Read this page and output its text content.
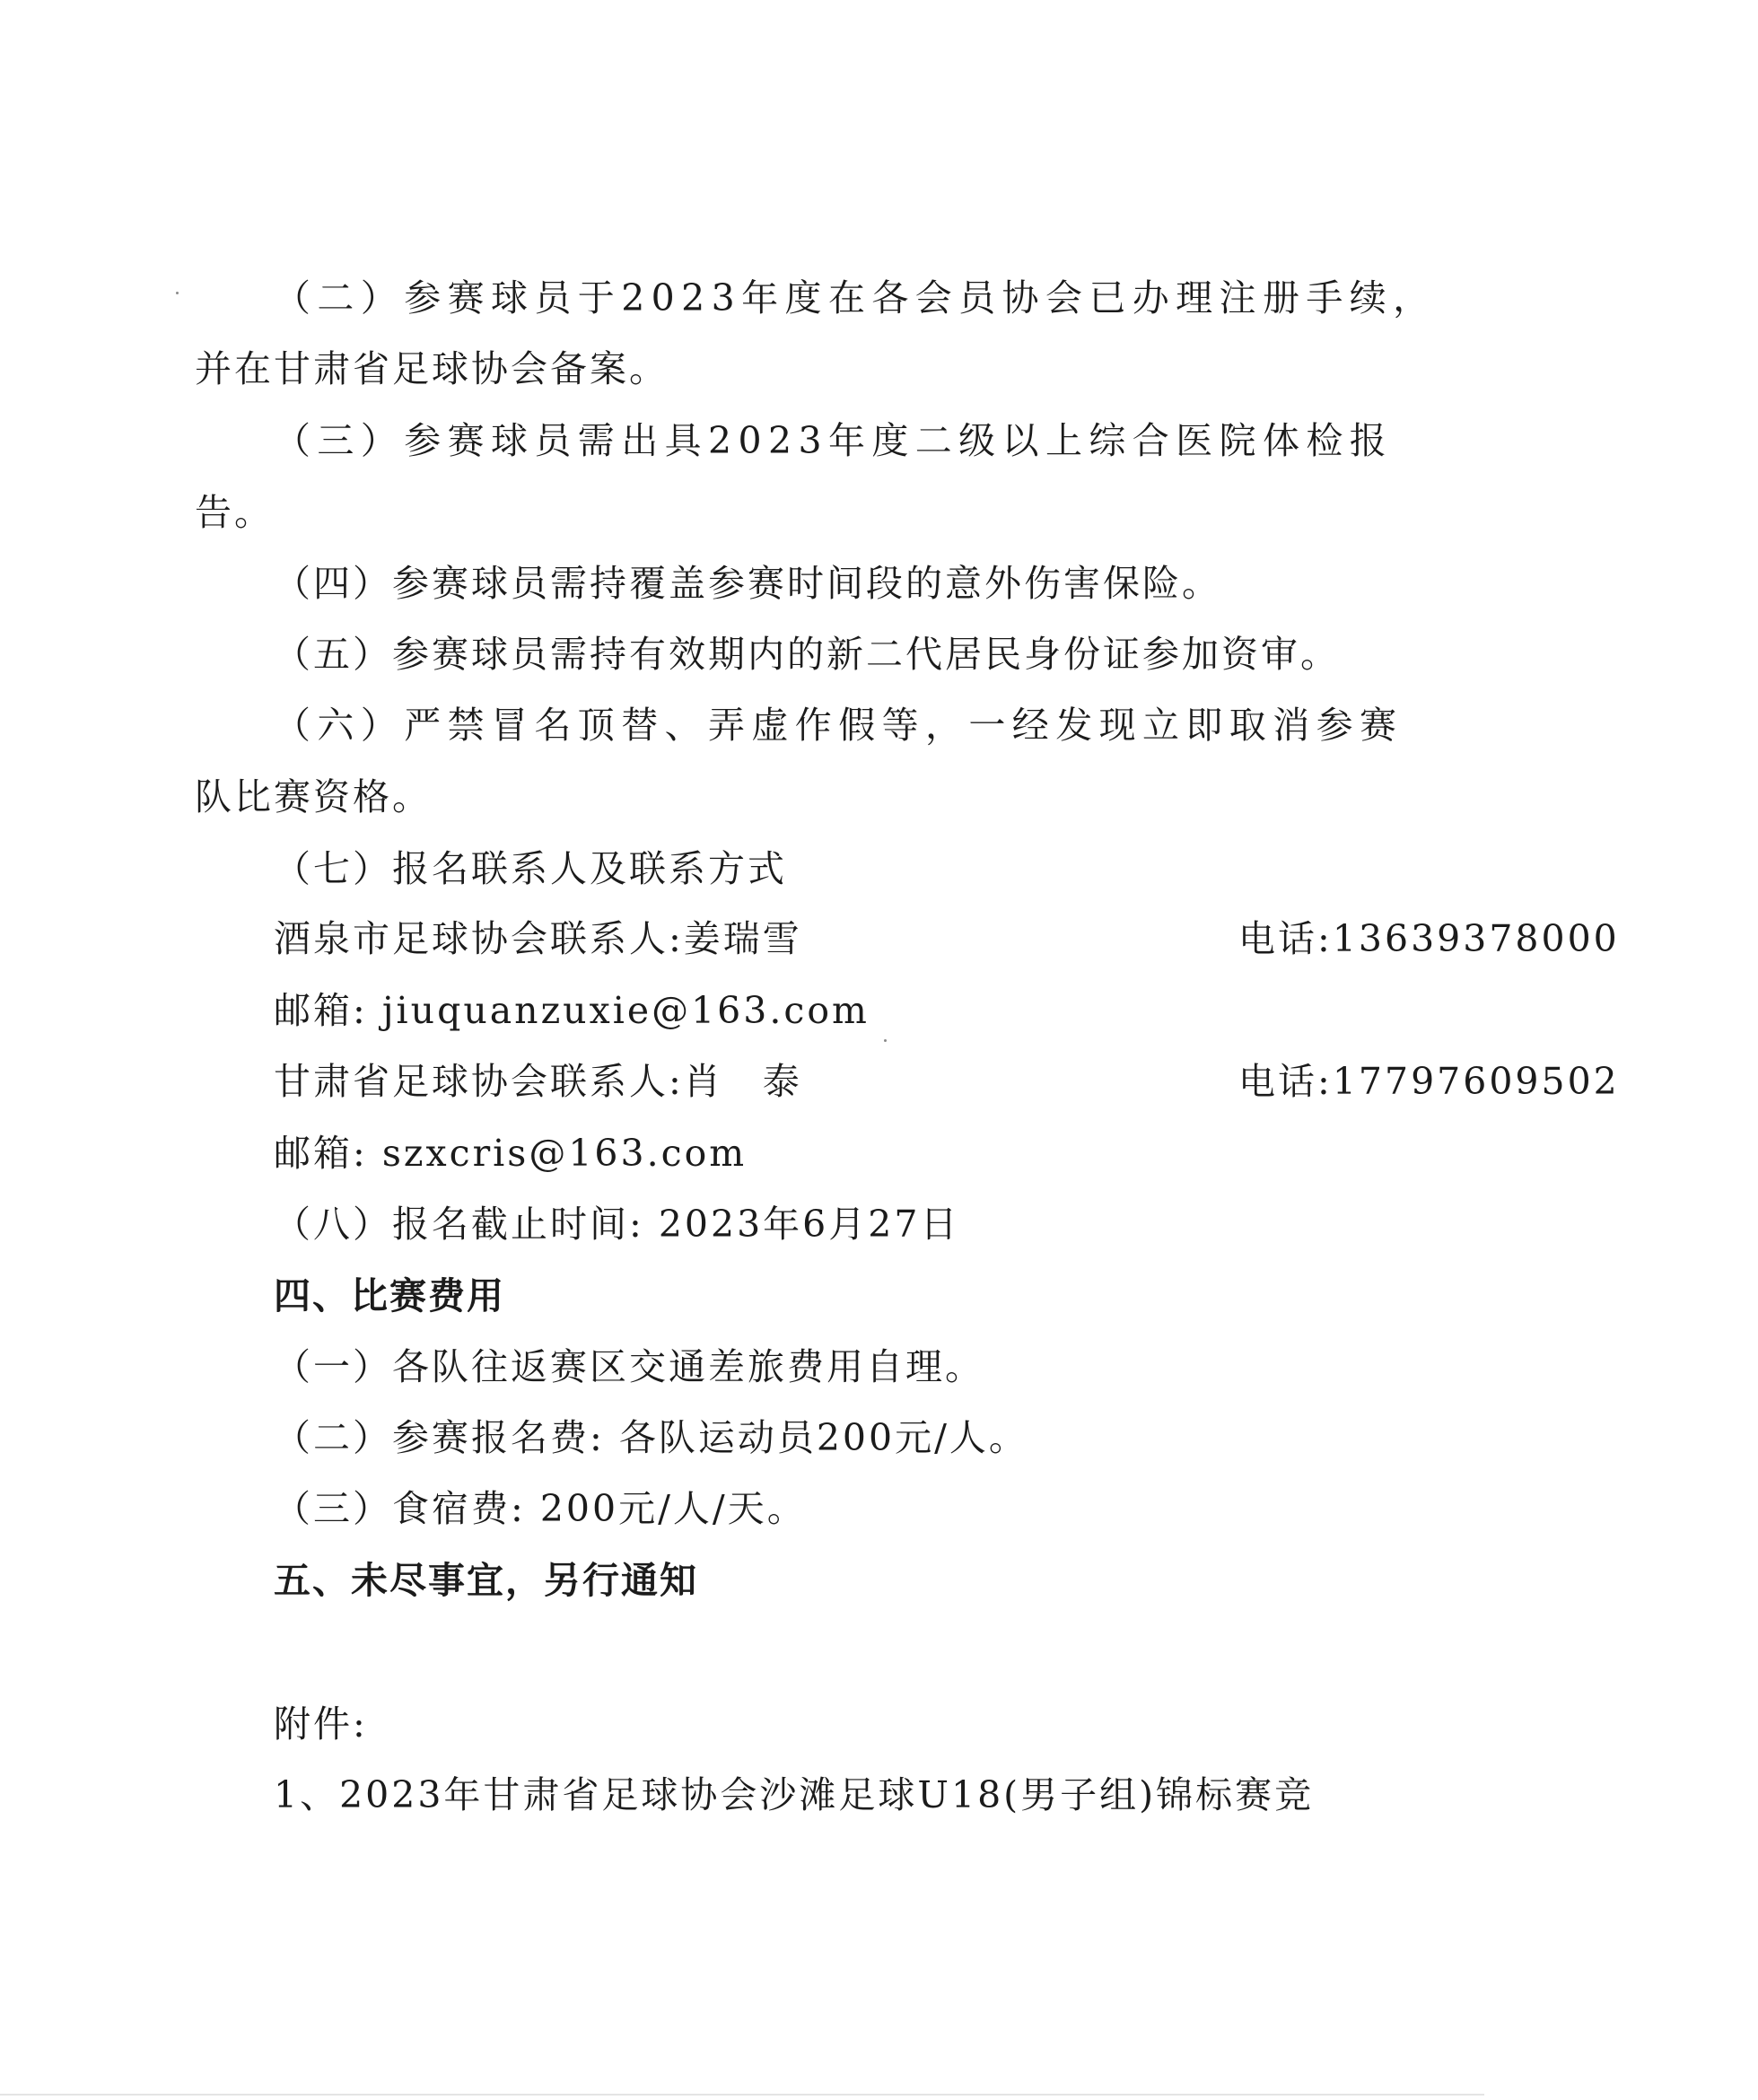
（二）参赛球员于2023年度在各会员协会已办理注册手续，
并在甘肃省足球协会备案。
（三）参赛球员需出具2023年度二级以上综合医院体检报
告。
（四）参赛球员需持覆盖参赛时间段的意外伤害保险。
（五）参赛球员需持有效期内的新二代居民身份证参加资审。
（六）严禁冒名顶替、弄虚作假等，一经发现立即取消参赛
队比赛资格。
（七）报名联系人及联系方式
酒泉市足球协会联系人:姜瑞雪	电话:13639378000
邮箱: jiuquanzuxie@163.com
甘肃省足球协会联系人:肖　泰	电话:17797609502
邮箱: szxcris@163.com
（八）报名截止时间: 2023年6月27日
四、比赛费用
（一）各队往返赛区交通差旅费用自理。
（二）参赛报名费: 各队运动员200元/人。
（三）食宿费: 200元/人/天。
五、未尽事宜，另行通知
附件:
1、2023年甘肃省足球协会沙滩足球U18(男子组)锦标赛竞
